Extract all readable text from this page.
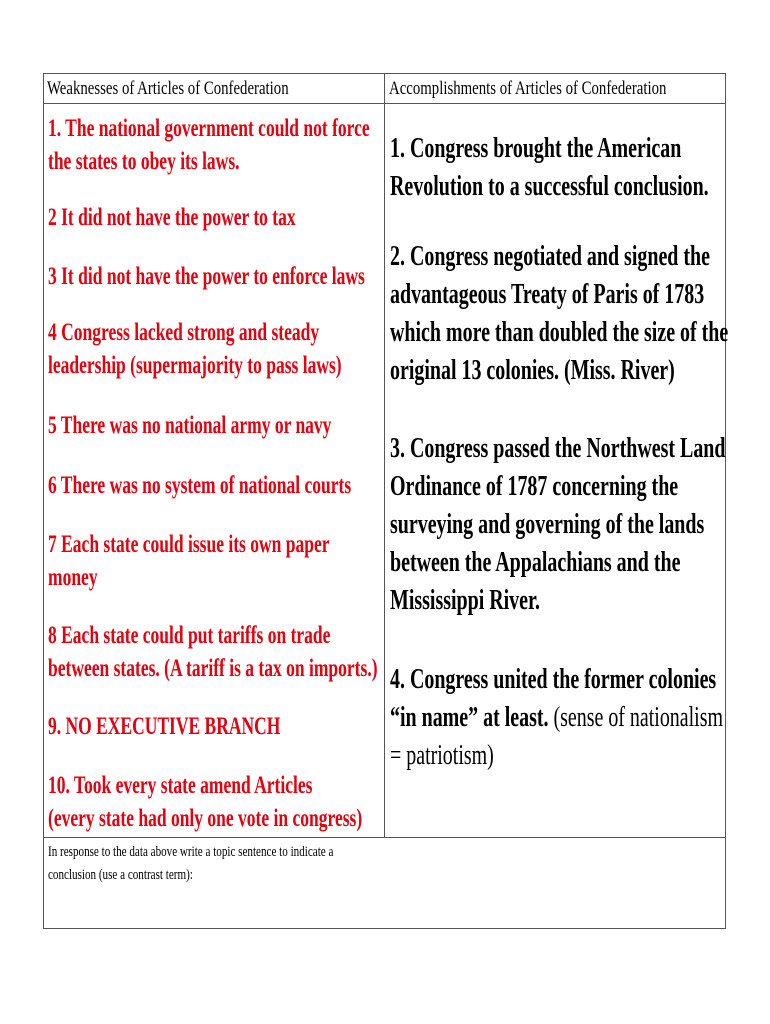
Weaknesses of Articles of Confederation	Accomplishments of Articles of Confederation
1. The national government could not force
the states to obey its laws.
2 It did not have the power to tax
3 It did not have the power to enforce laws
4 Congress lacked strong and steady
leadership (supermajority to pass laws)
5 There was no national army or navy
6 There was no system of national courts
7 Each state could issue its own paper
money
8 Each state could put tariffs on trade
between states. (A tariff is a tax on imports.)
9. NO EXECUTIVE BRANCH
10. Took every state amend Articles
(every state had only one vote in congress)
1. Congress brought the American
Revolution to a successful conclusion.
2. Congress negotiated and signed the
advantageous Treaty of Paris of 1783
which more than doubled the size of the
original 13 colonies. (Miss. River)
3. Congress passed the Northwest Land
Ordinance of 1787 concerning the
surveying and governing of the lands
between the Appalachians and the
Mississippi River.
4. Congress united the former colonies
“in name” at least. (sense of nationalism
= patriotism)
In response to the data above write a topic sentence to indicate a
conclusion (use a contrast term):
